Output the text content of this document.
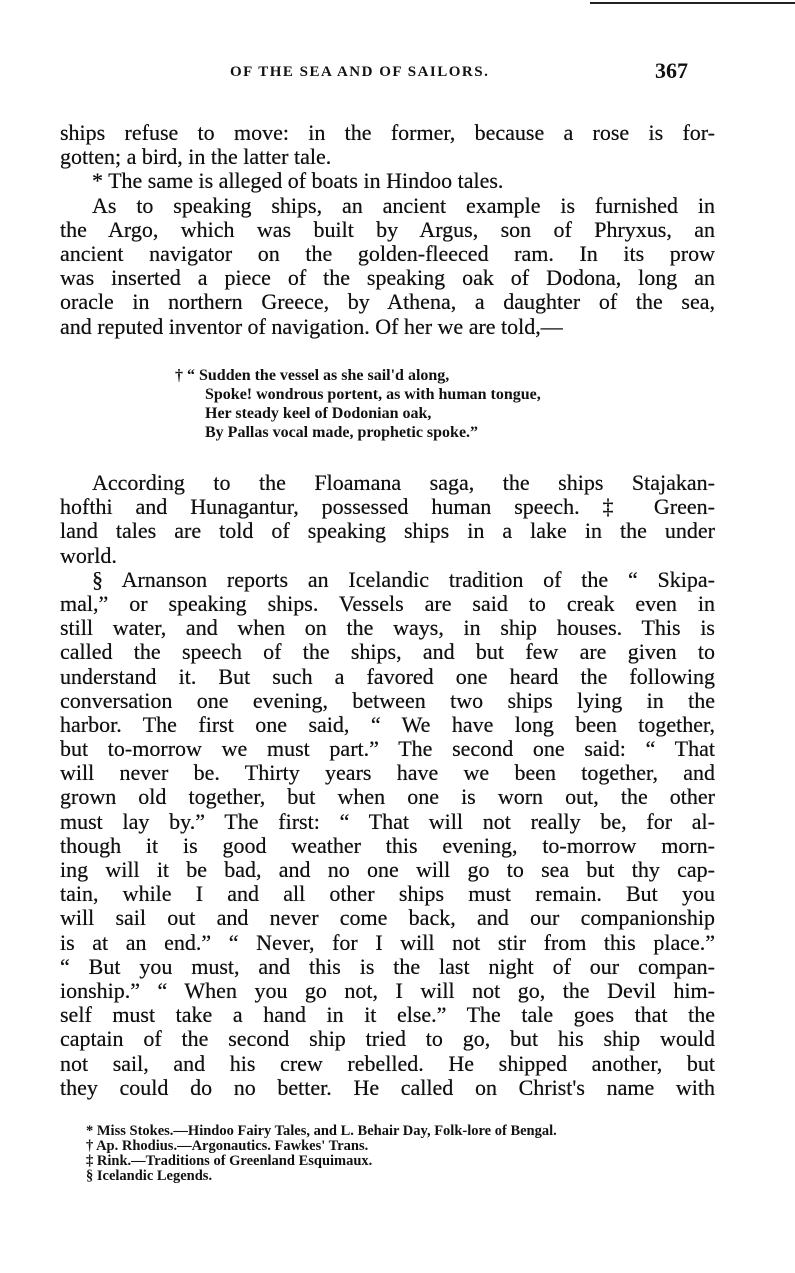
OF THE SEA AND OF SAILORS.	367
ships refuse to move: in the former, because a rose is for-
gotten; a bird, in the latter tale.
* The same is alleged of boats in Hindoo tales.
As to speaking ships, an ancient example is furnished in
the Argo, which was built by Argus, son of Phryxus, an
ancient navigator on the golden-fleeced ram. In its prow
was inserted a piece of the speaking oak of Dodona, long an
oracle in northern Greece, by Athena, a daughter of the sea,
and reputed inventor of navigation. Of her we are told,—
† “ Sudden the vessel as she sail'd along,
Spoke! wondrous portent, as with human tongue,
Her steady keel of Dodonian oak,
By Pallas vocal made, prophetic spoke.”
According to the Floamana saga, the ships Stajakan-
hofthi and Hunagantur, possessed human speech. ‡ Green-
land tales are told of speaking ships in a lake in the under
world.
§ Arnanson reports an Icelandic tradition of the “ Skipa-
mal,” or speaking ships. Vessels are said to creak even in
still water, and when on the ways, in ship houses. This is
called the speech of the ships, and but few are given to
understand it. But such a favored one heard the following
conversation one evening, between two ships lying in the
harbor. The first one said, “ We have long been together,
but to-morrow we must part.” The second one said: “ That
will never be. Thirty years have we been together, and
grown old together, but when one is worn out, the other
must lay by.” The first: “ That will not really be, for al-
though it is good weather this evening, to-morrow morn-
ing will it be bad, and no one will go to sea but thy cap-
tain, while I and all other ships must remain. But you
will sail out and never come back, and our companionship
is at an end.” “ Never, for I will not stir from this place.”
“ But you must, and this is the last night of our compan-
ionship.” “ When you go not, I will not go, the Devil him-
self must take a hand in it else.” The tale goes that the
captain of the second ship tried to go, but his ship would
not sail, and his crew rebelled. He shipped another, but
they could do no better. He called on Christ's name with
* Miss Stokes.—Hindoo Fairy Tales, and L. Behair Day, Folk-lore of Bengal.
† Ap. Rhodius.—Argonautics. Fawkes' Trans.
‡ Rink.—Traditions of Greenland Esquimaux.
§ Icelandic Legends.
